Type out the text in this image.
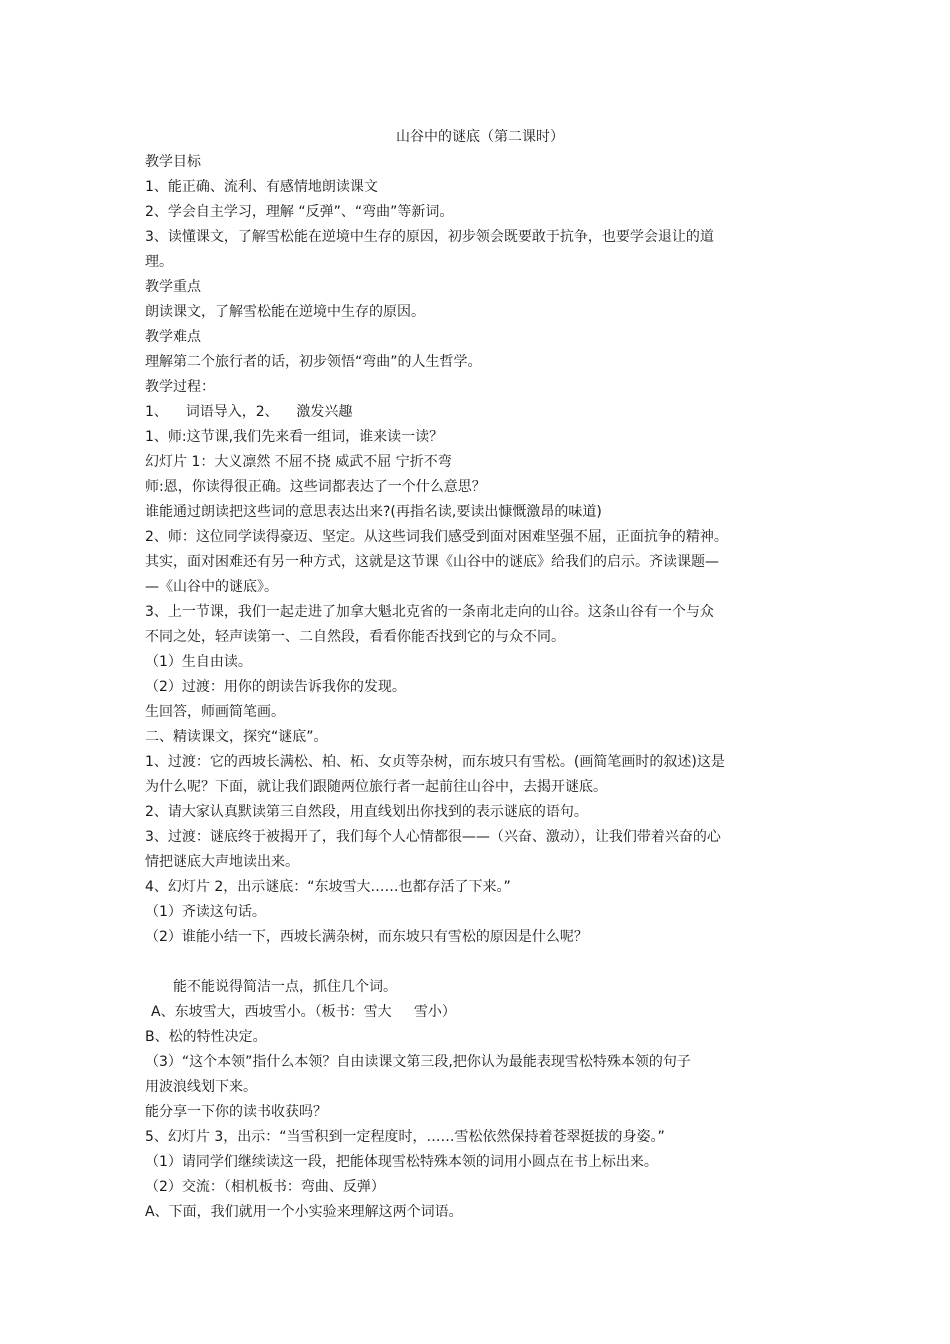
山谷中的谜底（第二课时）
教学目标
1、能正确、流利、有感情地朗读课文
2、学会自主学习，理解 “反弹”、“弯曲”等新词。
3、读懂课文，了解雪松能在逆境中生存的原因，初步领会既要敢于抗争，也要学会退让的道
理。
教学重点
朗读课文，了解雪松能在逆境中生存的原因。
教学难点
理解第二个旅行者的话，初步领悟“弯曲”的人生哲学。
教学过程：
1、    词语导入，2、    激发兴趣
1、师:这节课,我们先来看一组词，谁来读一读？
幻灯片 1：大义凛然 不屈不挠 威武不屈 宁折不弯
师:恩，你读得很正确。这些词都表达了一个什么意思？
谁能通过朗读把这些词的意思表达出来?(再指名读,要读出慷慨激昂的味道)
2、师：这位同学读得豪迈、坚定。从这些词我们感受到面对困难坚强不屈，正面抗争的精神。
其实，面对困难还有另一种方式，这就是这节课《山谷中的谜底》给我们的启示。齐读课题—
—《山谷中的谜底》。
3、上一节课，我们一起走进了加拿大魁北克省的一条南北走向的山谷。这条山谷有一个与众
不同之处，轻声读第一、二自然段，看看你能否找到它的与众不同。
（1）生自由读。
（2）过渡：用你的朗读告诉我你的发现。
生回答，师画简笔画。
二、精读课文，探究“谜底”。
1、过渡：它的西坡长满松、柏、柘、女贞等杂树，而东坡只有雪松。(画简笔画时的叙述)这是
为什么呢？下面，就让我们跟随两位旅行者一起前往山谷中，去揭开谜底。
2、请大家认真默读第三自然段，用直线划出你找到的表示谜底的语句。
3、过渡：谜底终于被揭开了，我们每个人心情都很——（兴奋、激动），让我们带着兴奋的心
情把谜底大声地读出来。
4、幻灯片 2，出示谜底：“东坡雪大……也都存活了下来。”
（1）齐读这句话。
（2）谁能小结一下，西坡长满杂树，而东坡只有雪松的原因是什么呢？
能不能说得简洁一点，抓住几个词。
A、东坡雪大，西坡雪小。（板书：雪大     雪小）
B、松的特性决定。
（3）“这个本领”指什么本领？自由读课文第三段,把你认为最能表现雪松特殊本领的句子
用波浪线划下来。
能分享一下你的读书收获吗？
5、幻灯片 3，出示：“当雪积到一定程度时，……雪松依然保持着苍翠挺拔的身姿。”
（1）请同学们继续读这一段，把能体现雪松特殊本领的词用小圆点在书上标出来。
（2）交流：（相机板书：弯曲、反弹）
A、下面，我们就用一个小实验来理解这两个词语。
